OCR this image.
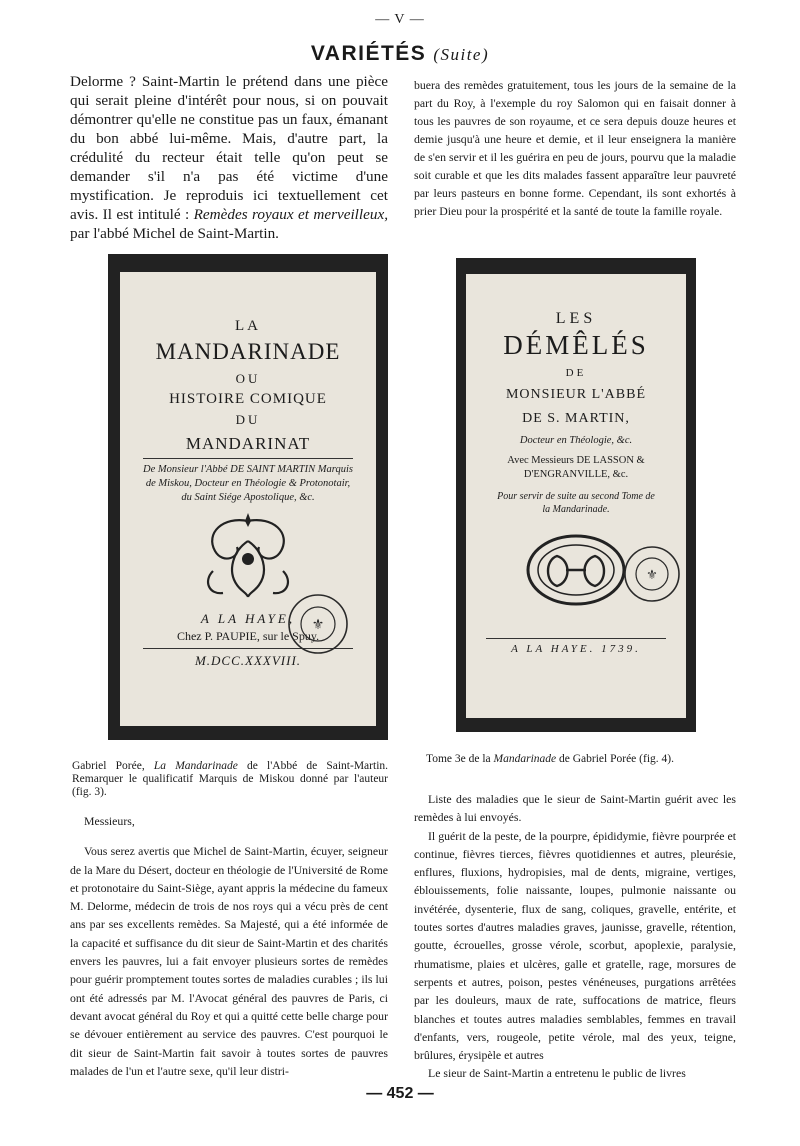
— V —
VARIÉTÉS (Suite)

Delorme ? Saint-Martin le prétend dans une pièce qui serait pleine d'intérêt pour nous, si on pouvait démontrer qu'elle ne constitue pas un faux, émanant du bon abbé lui-même. Mais, d'autre part, la crédulité du recteur était telle qu'on peut se demander s'il n'a pas été victime d'une mystification. Je reproduis ici textuellement cet avis. Il est intitulé : Remèdes royaux et merveilleux, par l'abbé Michel de Saint-Martin.

buera des remèdes gratuitement, tous les jours de la semaine de la part du Roy, à l'exemple du roy Salomon qui en faisait donner à tous les pauvres de son royaume, et ce sera depuis douze heures et demie jusqu'à une heure et demie, et il leur enseignera la manière de s'en servir et il les guérira en peu de jours, pourvu que la maladie soit curable et que les dits malades fassent apparaître leur pauvreté par leurs pasteurs en bonne forme. Cependant, ils sont exhortés à prier Dieu pour la prospérité et la santé de toute la famille royale.

LA

MANDARINADE

OU

HISTOIRE COMIQUE

DU

MANDARINAT

De Monsieur l'Abbé DE SAINT MARTIN Marquis de Miskou, Docteur en Théologie & Protonotair, du Saint Siége Apostolique, &c.

A LA HAYE,

Chez P. PAUPIE, sur le Spuy.

M.DCC.XXXVIII.

⚜

LES

DÉMÊLÉS

DE

MONSIEUR L'ABBÉ

DE S. MARTIN,

Docteur en Théologie, &c.

Avec Messieurs DE LASSON & D'ENGRANVILLE, &c.

Pour servir de suite au second Tome de la Mandarinade.

A LA HAYE. 1739.

⚜
Gabriel Porée, La Mandarinade de l'Abbé de Saint-Martin. Remarquer le qualificatif Marquis de Miskou donné par l'auteur (fig. 3).
Tome 3e de la Mandarinade de Gabriel Porée (fig. 4).

Messieurs,

Vous serez avertis que Michel de Saint-Martin, écuyer, seigneur de la Mare du Désert, docteur en théologie de l'Université de Rome et protonotaire du Saint-Siège, ayant appris la médecine du fameux M. Delorme, médecin de trois de nos roys qui a vécu près de cent ans par ses excellents remèdes. Sa Majesté, qui a été informée de la capacité et suffisance du dit sieur de Saint-Martin et des charités envers les pauvres, lui a fait envoyer plusieurs sortes de remèdes pour guérir promptement toutes sortes de maladies curables ; ils lui ont été adressés par M. l'Avocat général des pauvres de Paris, ci devant avocat général du Roy et qui a quitté cette belle charge pour se dévouer entièrement au service des pauvres. C'est pourquoi le dit sieur de Saint-Martin fait savoir à toutes sortes de pauvres malades de l'un et l'autre sexe, qu'il leur distri-

Liste des maladies que le sieur de Saint-Martin guérit avec les remèdes à lui envoyés.

Il guérit de la peste, de la pourpre, épididymie, fièvre pourprée et continue, fièvres tierces, fièvres quotidiennes et autres, pleurésie, enflures, fluxions, hydropisies, mal de dents, migraine, vertiges, éblouissements, folie naissante, loupes, pulmonie naissante ou invétérée, dysenterie, flux de sang, coliques, gravelle, entérite, et toutes sortes d'autres maladies graves, jaunisse, gravelle, rétention, goutte, écrouelles, grosse vérole, scorbut, apoplexie, paralysie, rhumatisme, plaies et ulcères, galle et gratelle, rage, morsures de serpents et autres, poison, pestes vénéneuses, purgations arrêtées par les douleurs, maux de rate, suffocations de matrice, fleurs blanches et toutes autres maladies semblables, femmes en travail d'enfants, vers, rougeole, petite vérole, mal des yeux, teigne, brûlures, érysipèle et autres

Le sieur de Saint-Martin a entretenu le public de livres

— 452 —
